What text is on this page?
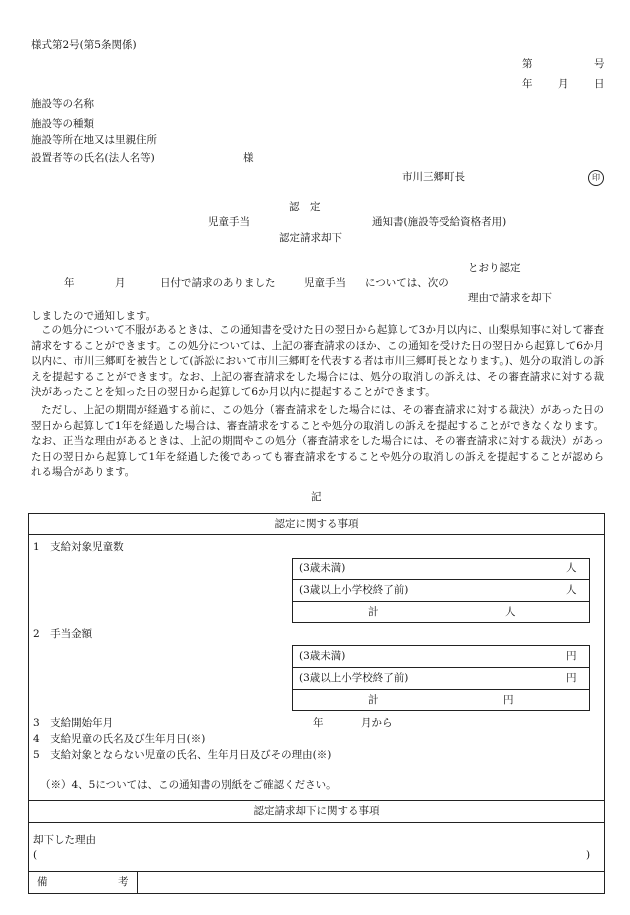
様式第2号(第5条関係)
第	号
年 月 日
施設等の名称
施設等の種類
施設等所在地又は里親住所
設置者等の氏名(法人名等)	様
市川三郷町長	印
認　定
児童手当	通知書(施設等受給資格者用)
認定請求却下
とおり認定
年	月	日付で請求のありました	児童手当 については、次の
理由で請求を却下
しましたので通知します。
この処分について不服があるときは、この通知書を受けた日の翌日から起算して3か月以内に、山梨県知事に対して審査請求をすることができます。この処分については、上記の審査請求のほか、この通知を受けた日の翌日から起算して6か月以内に、市川三郷町を被告として(訴訟において市川三郷町を代表する者は市川三郷町長となります。)、処分の取消しの訴えを提起することができます。なお、上記の審査請求をした場合には、処分の取消しの訴えは、その審査請求に対する裁決があったことを知った日の翌日から起算して6か月以内に提起することができます。
ただし、上記の期間が経過する前に、この処分（審査請求をした場合には、その審査請求に対する裁決）があった日の翌日から起算して1年を経過した場合は、審査請求をすることや処分の取消しの訴えを提起することができなくなります。なお、正当な理由があるときは、上記の期間やこの処分（審査請求をした場合には、その審査請求に対する裁決）があった日の翌日から起算して1年を経過した後であっても審査請求をすることや処分の取消しの訴えを提起することが認められる場合があります。
記
認定に関する事項
1　支給対象児童数
(3歳未満)	人
(3歳以上小学校終了前)	人
計	人
2　手当金額
(3歳未満)	円
(3歳以上小学校終了前)	円
計	円
3　支給開始年月	年	月から
4　支給児童の氏名及び生年月日(※)
5　支給対象とならない児童の氏名、生年月日及びその理由(※)
（※）4、5については、この通知書の別紙をご確認ください。
認定請求却下に関する事項
却下した理由
(	)
備	考
